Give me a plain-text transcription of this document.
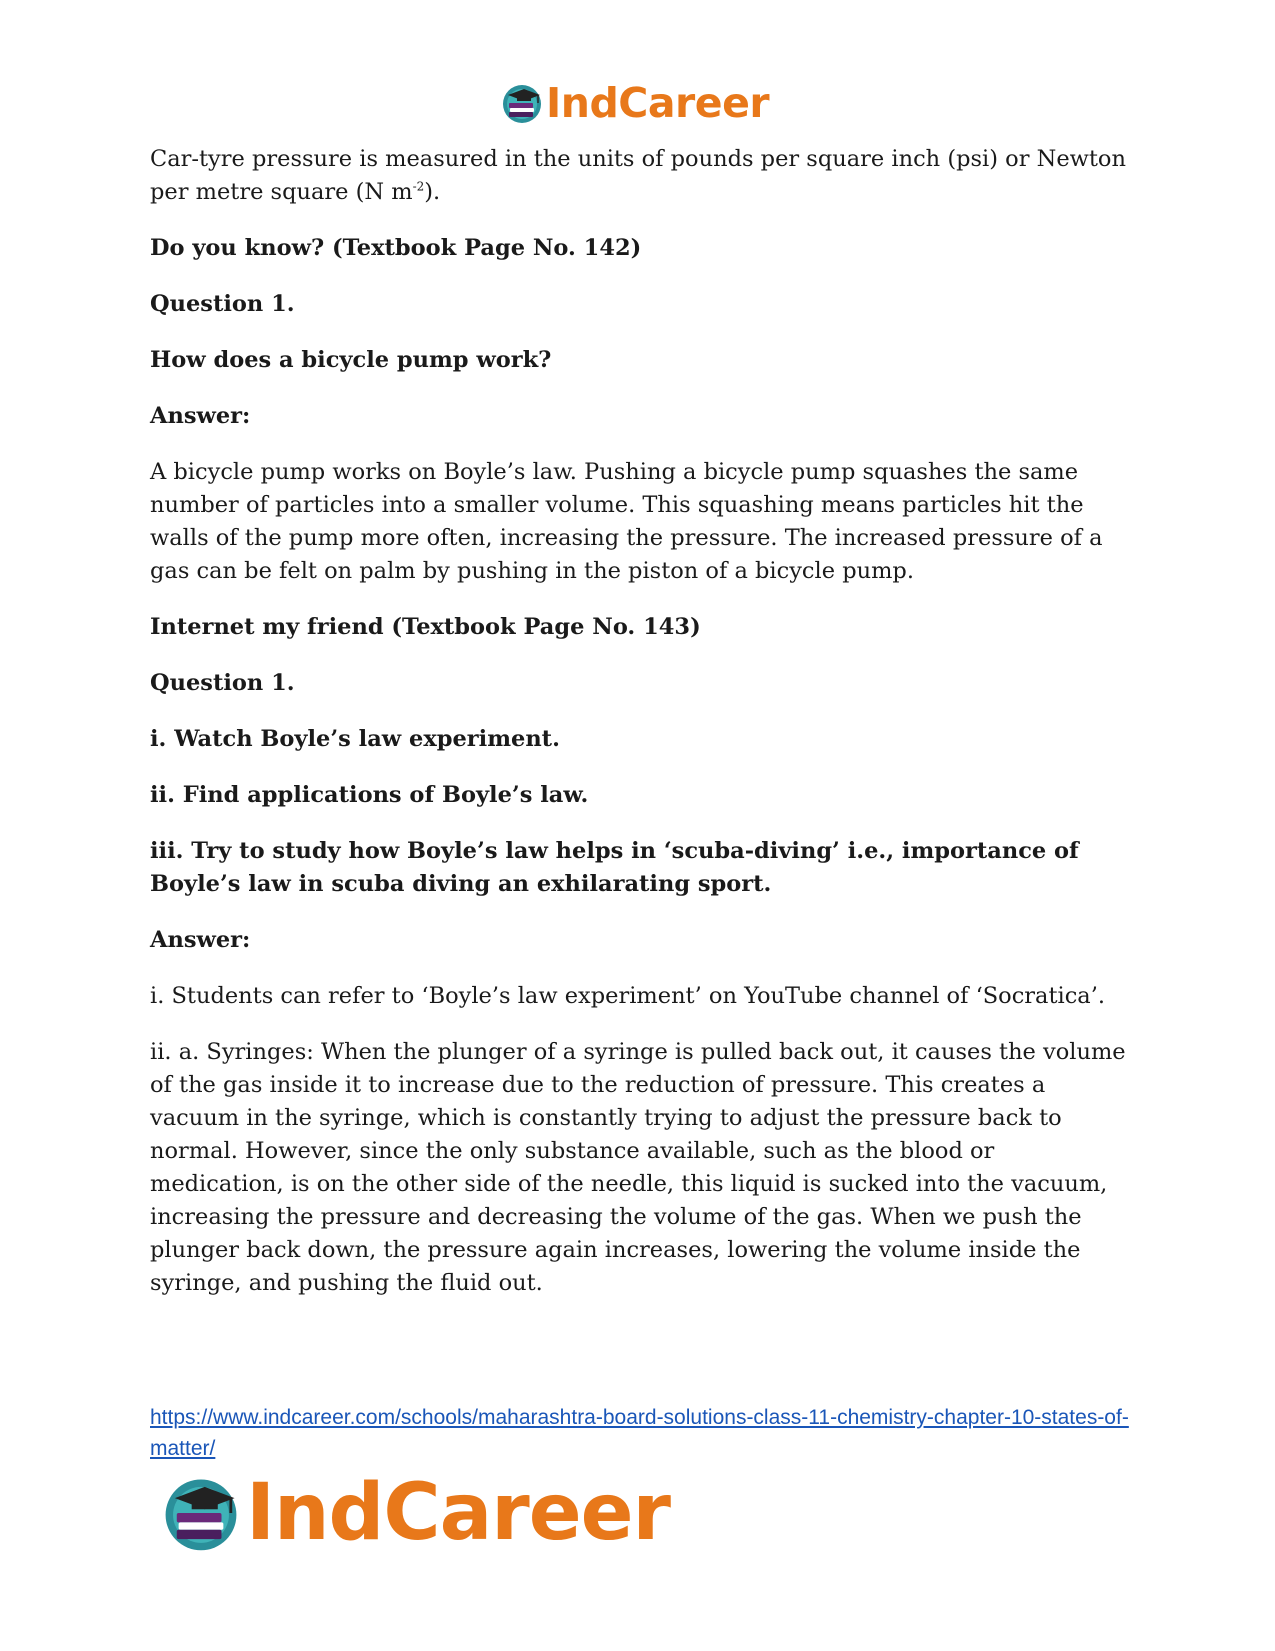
IndCareer

Car-tyre pressure is measured in the units of pounds per square inch (psi) or Newton per metre square (N $m^{-2}$).

Do you know? (Textbook Page No. 142)

Question 1.

How does a bicycle pump work?

Answer:

A bicycle pump works on Boyle’s law. Pushing a bicycle pump squashes the same number of particles into a smaller volume. This squashing means particles hit the walls of the pump more often, increasing the pressure. The increased pressure of a gas can be felt on palm by pushing in the piston of a bicycle pump.

Internet my friend (Textbook Page No. 143)

Question 1.

i. Watch Boyle’s law experiment.

ii. Find applications of Boyle’s law.

iii. Try to study how Boyle’s law helps in ‘scuba-diving’ i.e., importance of Boyle’s law in scuba diving an exhilarating sport.

Answer:

i. Students can refer to ‘Boyle’s law experiment’ on YouTube channel of ‘Socratica’.

ii. a. Syringes: When the plunger of a syringe is pulled back out, it causes the volume of the gas inside it to increase due to the reduction of pressure. This creates a vacuum in the syringe, which is constantly trying to adjust the pressure back to normal. However, since the only substance available, such as the blood or medication, is on the other side of the needle, this liquid is sucked into the vacuum, increasing the pressure and decreasing the volume of the gas. When we push the plunger back down, the pressure again increases, lowering the volume inside the syringe, and pushing the fluid out.

https://www.indcareer.com/schools/maharashtra-board-solutions-class-11-chemistry-chapter-10-states-of-matter/
IndCareer
